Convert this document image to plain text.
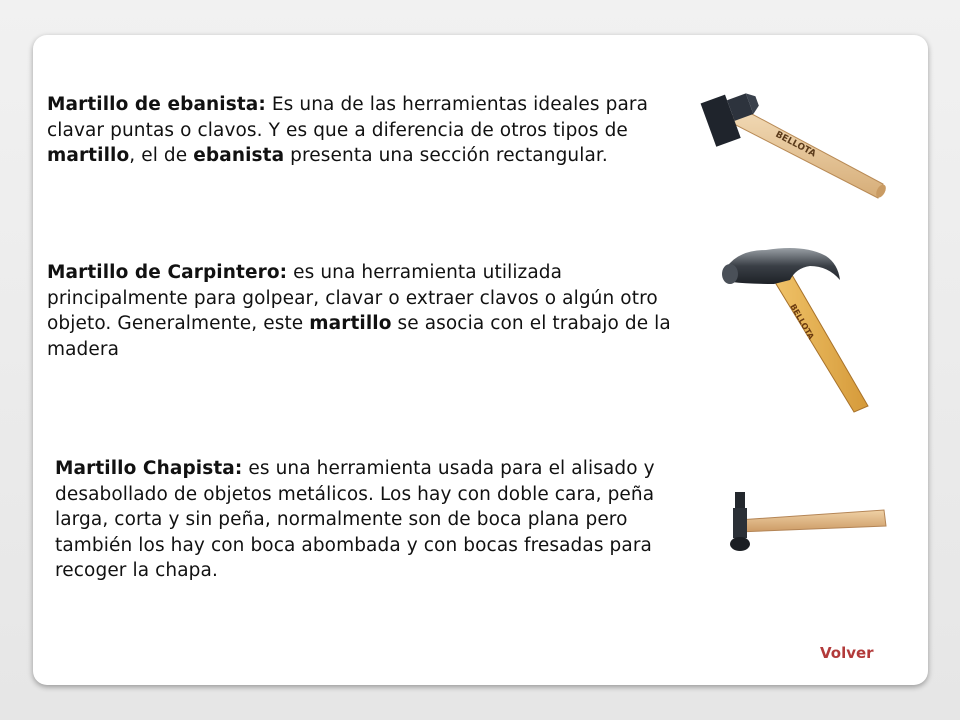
Martillo de ebanista: Es una de las herramientas ideales para clavar puntas o clavos. Y es que a diferencia de otros tipos de martillo, el de ebanista presenta una sección rectangular.

Martillo de Carpintero: es una herramienta utilizada principalmente para golpear, clavar o extraer clavos o algún otro objeto. Generalmente, este martillo se asocia con el trabajo de la madera

Martillo Chapista: es una herramienta usada para el alisado y desabollado de objetos metálicos. Los hay con doble cara, peña larga, corta y sin peña, normalmente son de boca plana pero también los hay con boca abombada y con bocas fresadas para recoger la chapa.

BELLOTA
BELLOTA
Volver
